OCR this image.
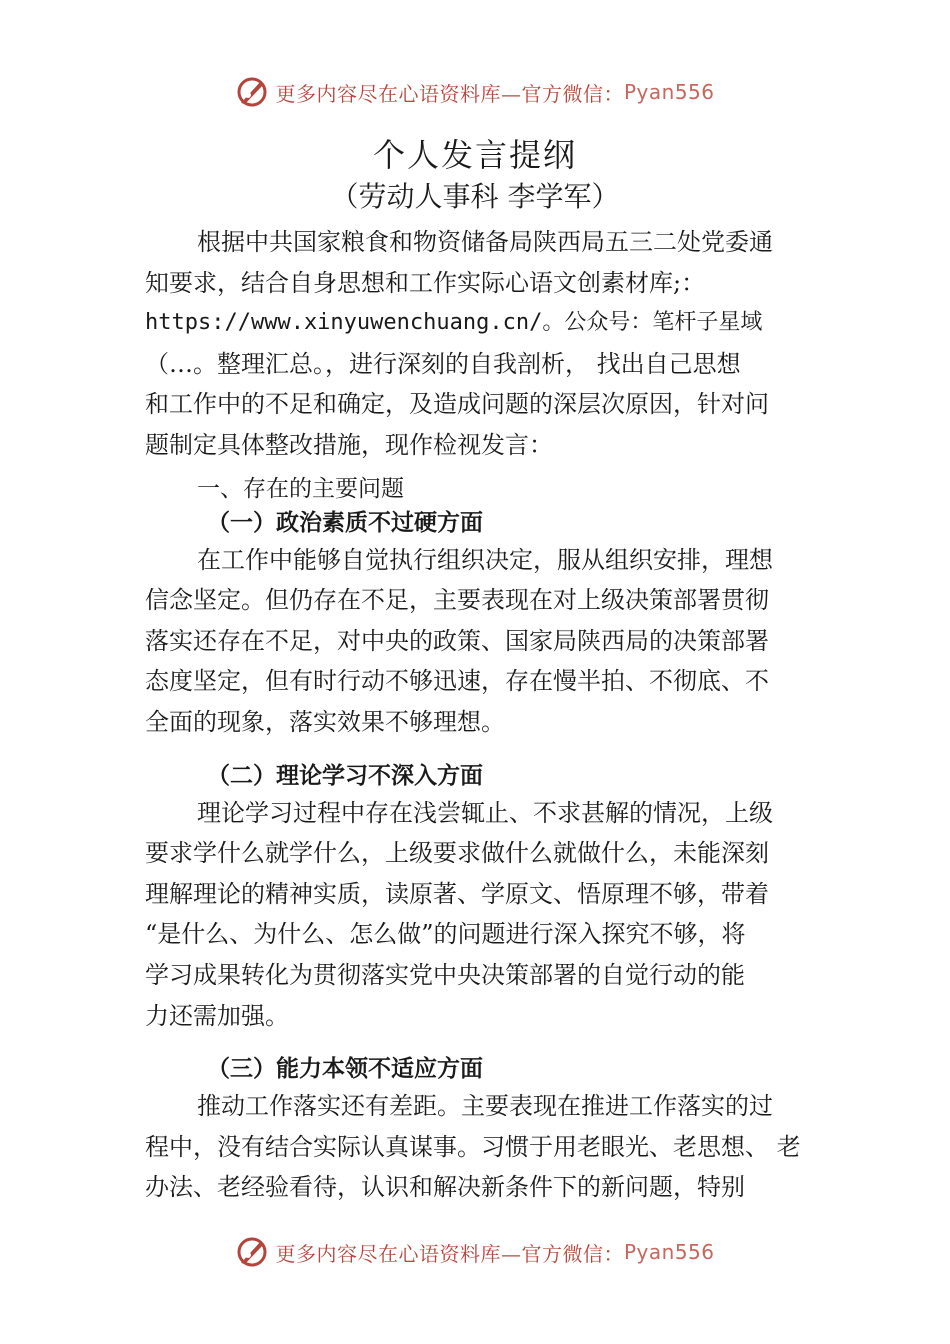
更多内容尽在心语资料库—官方微信： Pyan556
个人发言提纲
（劳动人事科 李学军）
根据中共国家粮食和物资储备局陕西局五三二处党委通
知要求，结合自身思想和工作实际心语文创素材库;：
https://www.xinyuwenchuang.cn/。公众号：笔杆子星域
（…。整理汇总。，进行深刻的自我剖析， 找出自己思想
和工作中的不足和确定，及造成问题的深层次原因，针对问
题制定具体整改措施，现作检视发言：
一、存在的主要问题
（一）政治素质不过硬方面
在工作中能够自觉执行组织决定，服从组织安排，理想
信念坚定。但仍存在不足，主要表现在对上级决策部署贯彻
落实还存在不足，对中央的政策、国家局陕西局的决策部署
态度坚定，但有时行动不够迅速，存在慢半拍、不彻底、不
全面的现象，落实效果不够理想。
（二）理论学习不深入方面
理论学习过程中存在浅尝辄止、不求甚解的情况，上级
要求学什么就学什么，上级要求做什么就做什么，未能深刻
理解理论的精神实质，读原著、学原文、悟原理不够，带着
“是什么、为什么、怎么做”的问题进行深入探究不够，将
学习成果转化为贯彻落实党中央决策部署的自觉行动的能
力还需加强。
（三）能力本领不适应方面
推动工作落实还有差距。主要表现在推进工作落实的过
程中，没有结合实际认真谋事。习惯于用老眼光、老思想、 老
办法、老经验看待，认识和解决新条件下的新问题，特别
更多内容尽在心语资料库—官方微信： Pyan556
